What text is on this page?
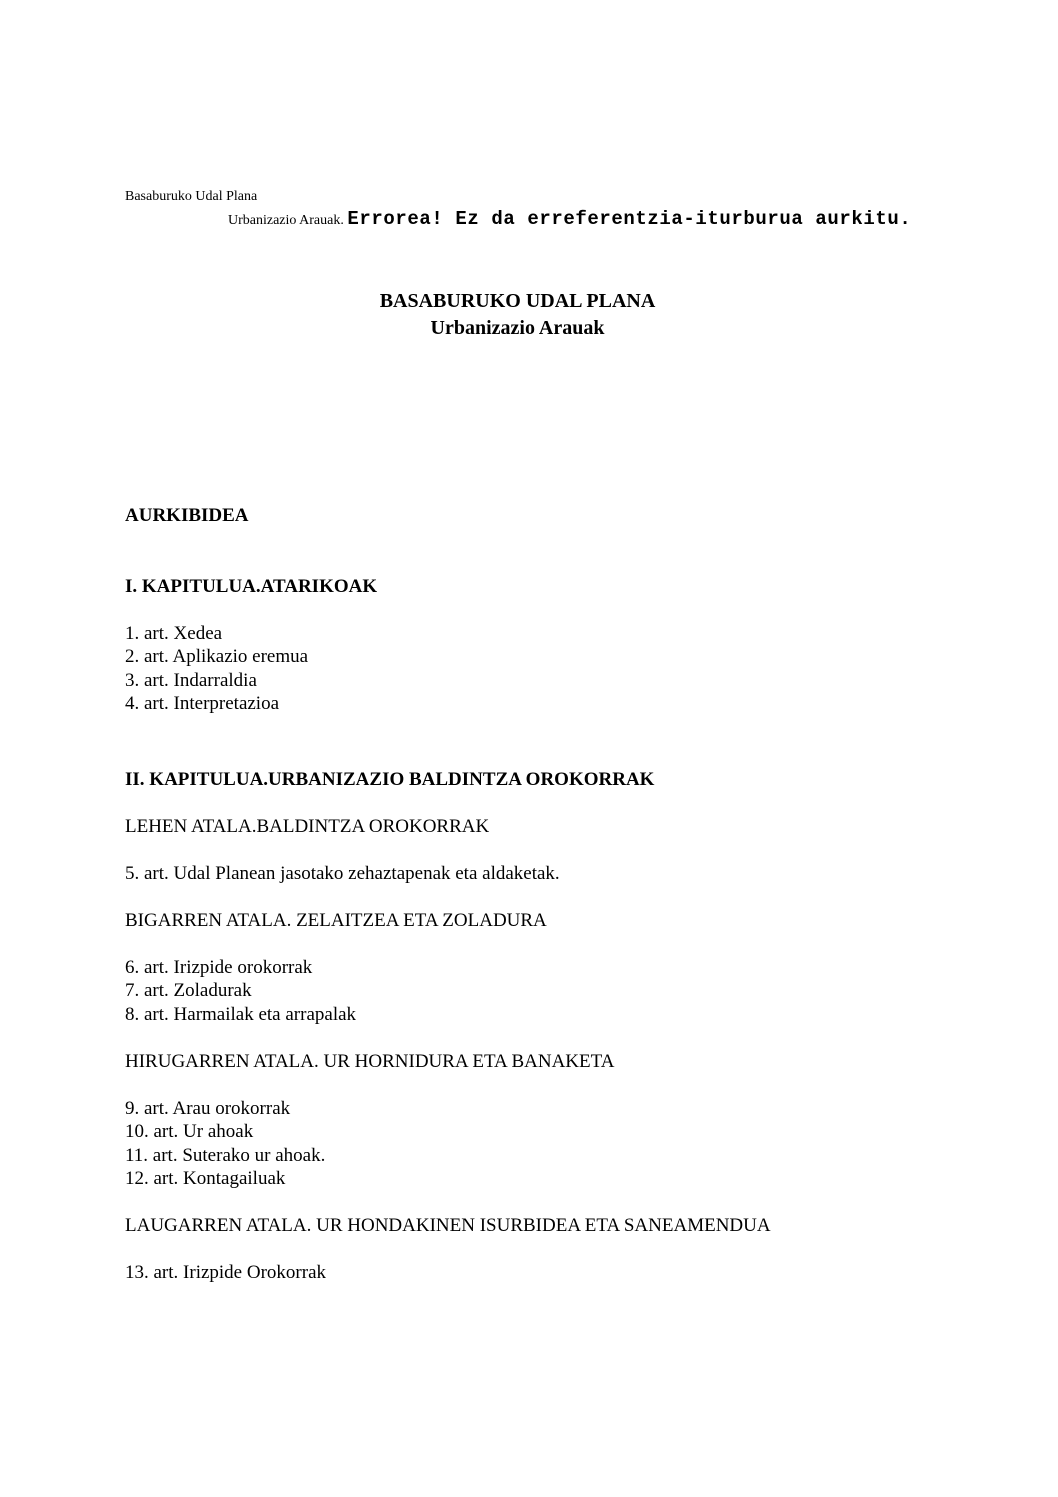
Basaburuko Udal Plana
Urbanizazio Arauak. Errorea! Ez da erreferentzia-iturburua aurkitu.
BASABURUKO UDAL PLANA
Urbanizazio Arauak
AURKIBIDEA
I. KAPITULUA.ATARIKOAK
1. art. Xedea
2. art. Aplikazio eremua
3. art. Indarraldia
4. art. Interpretazioa
II. KAPITULUA.URBANIZAZIO BALDINTZA OROKORRAK
LEHEN ATALA.BALDINTZA OROKORRAK
5. art. Udal Planean jasotako zehaztapenak eta aldaketak.
BIGARREN ATALA. ZELAITZEA ETA ZOLADURA
6. art. Irizpide orokorrak
7. art. Zoladurak
8. art. Harmailak eta arrapalak
HIRUGARREN ATALA. UR HORNIDURA ETA BANAKETA
9. art. Arau orokorrak
10. art. Ur ahoak
11. art. Suterako ur ahoak.
12. art. Kontagailuak
LAUGARREN ATALA. UR HONDAKINEN ISURBIDEA ETA SANEAMENDUA
13. art. Irizpide Orokorrak
